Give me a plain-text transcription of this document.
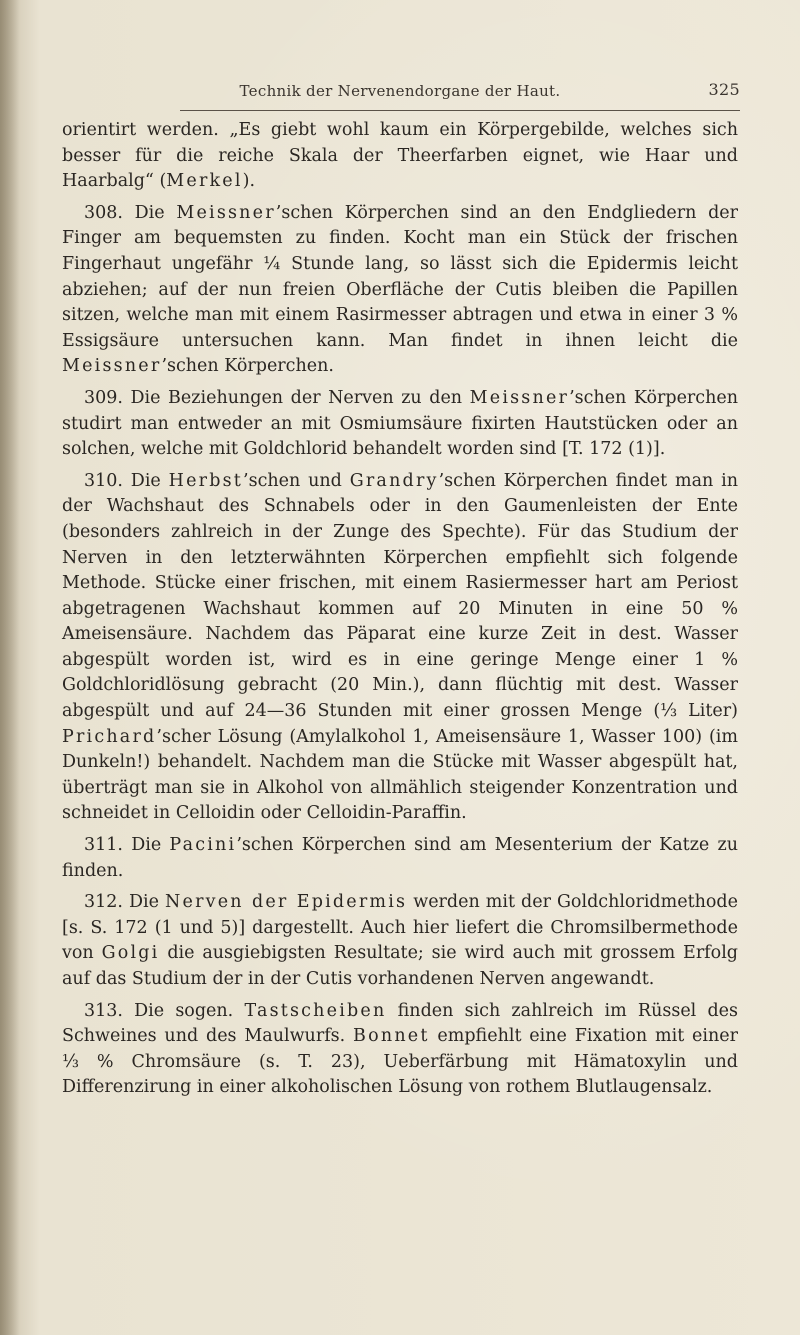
Technik der Nervenendorgane der Haut.	325

orientirt werden. „Es giebt wohl kaum ein Körpergebilde, welches sich besser für die reiche Skala der Theerfarben eignet, wie Haar und Haarbalg“ (Merkel).

308. Die Meissner’schen Körperchen sind an den Endgliedern der Finger am bequemsten zu finden. Kocht man ein Stück der frischen Fingerhaut ungefähr ¼ Stunde lang, so lässt sich die Epidermis leicht abziehen; auf der nun freien Oberfläche der Cutis bleiben die Papillen sitzen, welche man mit einem Rasirmesser abtragen und etwa in einer 3 % Essigsäure untersuchen kann. Man findet in ihnen leicht die Meissner’schen Körperchen.

309. Die Beziehungen der Nerven zu den Meissner’schen Körperchen studirt man entweder an mit Osmiumsäure fixirten Hautstücken oder an solchen, welche mit Goldchlorid behandelt worden sind [T. 172 (1)].

310. Die Herbst’schen und Grandry’schen Körperchen findet man in der Wachshaut des Schnabels oder in den Gaumenleisten der Ente (besonders zahlreich in der Zunge des Spechte). Für das Studium der Nerven in den letzterwähnten Körperchen empfiehlt sich folgende Methode. Stücke einer frischen, mit einem Rasiermesser hart am Periost abgetragenen Wachshaut kommen auf 20 Minuten in eine 50 % Ameisensäure. Nachdem das Päparat eine kurze Zeit in dest. Wasser abgespült worden ist, wird es in eine geringe Menge einer 1 % Goldchloridlösung gebracht (20 Min.), dann flüchtig mit dest. Wasser abgespült und auf 24—36 Stunden mit einer grossen Menge (⅓ Liter) Prichard’scher Lösung (Amylalkohol 1, Ameisensäure 1, Wasser 100) (im Dunkeln!) behandelt. Nachdem man die Stücke mit Wasser abgespült hat, überträgt man sie in Alkohol von allmählich steigender Konzentration und schneidet in Celloidin oder Celloidin-Paraffin.

311. Die Pacini’schen Körperchen sind am Mesenterium der Katze zu finden.

312. Die Nerven der Epidermis werden mit der Goldchloridmethode [s. S. 172 (1 und 5)] dargestellt. Auch hier liefert die Chromsilbermethode von Golgi die ausgiebigsten Resultate; sie wird auch mit grossem Erfolg auf das Studium der in der Cutis vorhandenen Nerven angewandt.

313. Die sogen. Tastscheiben finden sich zahlreich im Rüssel des Schweines und des Maulwurfs. Bonnet empfiehlt eine Fixation mit einer ⅓ % Chromsäure (s. T. 23), Ueberfärbung mit Hämatoxylin und Differenzirung in einer alkoholischen Lösung von rothem Blutlaugensalz.
